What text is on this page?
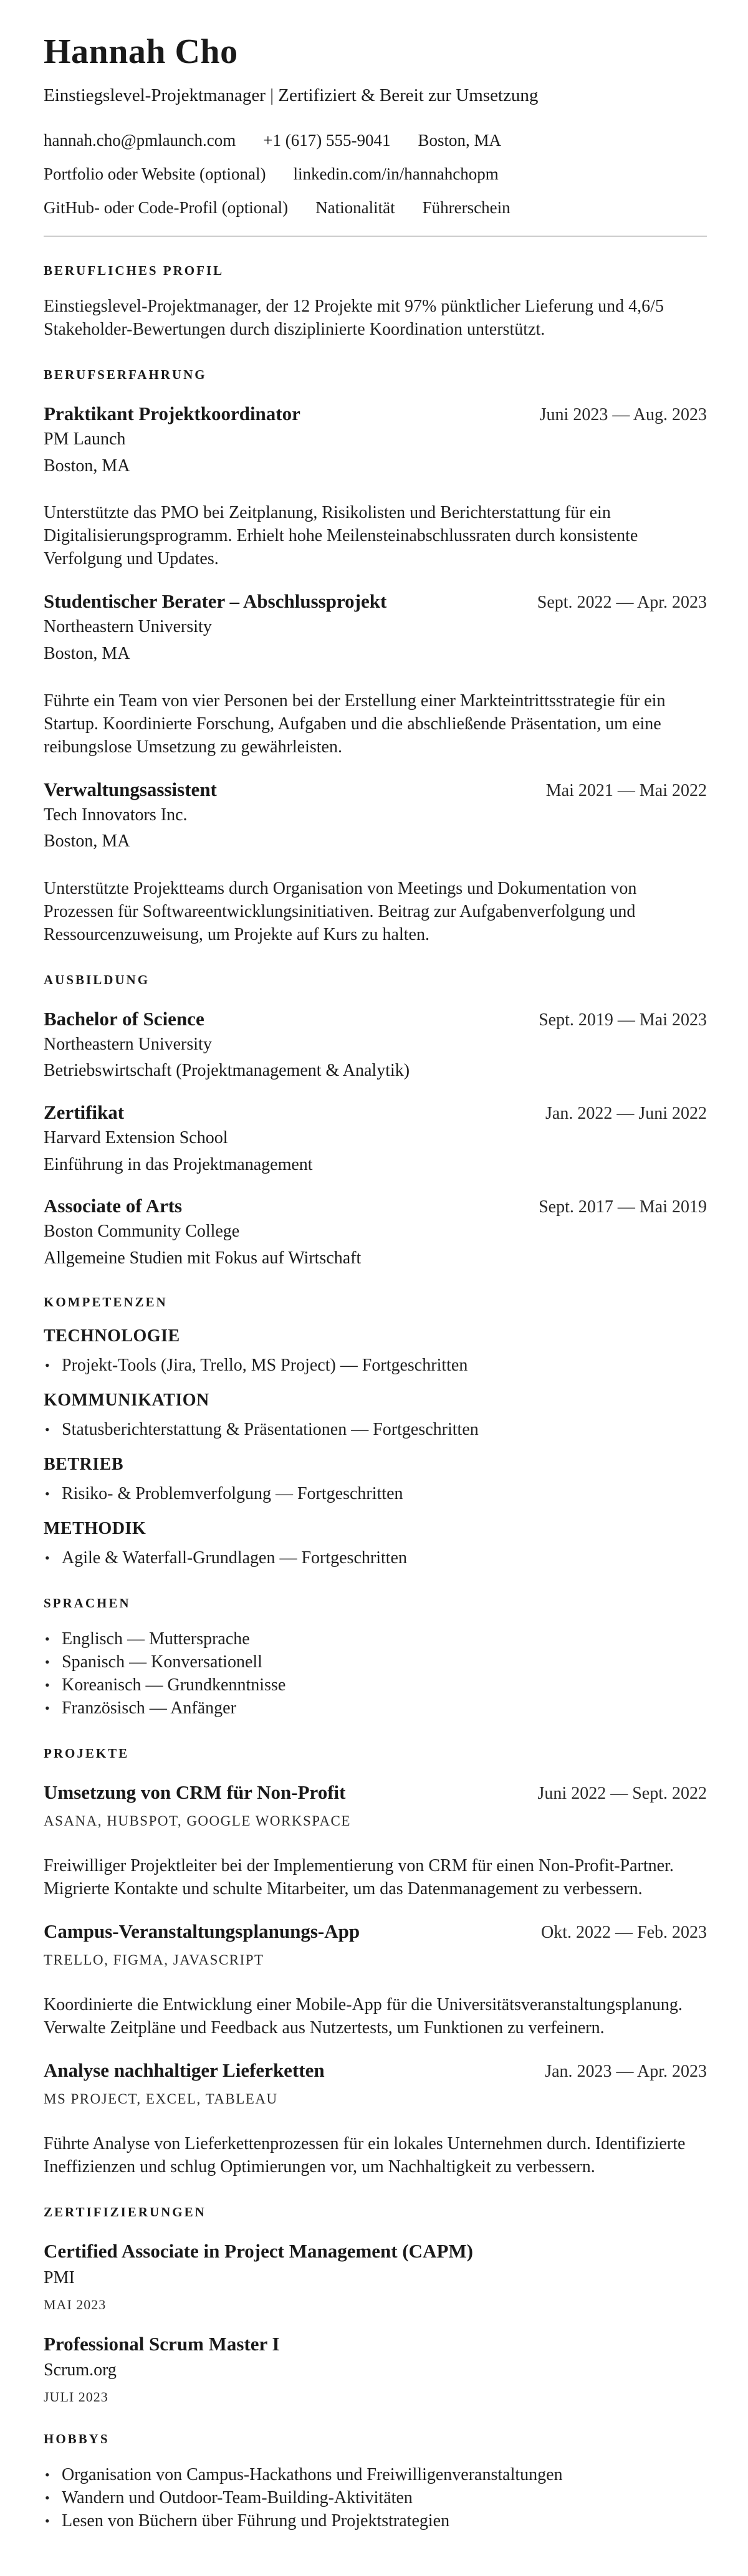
Hannah Cho
Einstiegslevel-Projektmanager | Zertifiziert & Bereit zur Umsetzung
hannah.cho@pmlaunch.com +1 (617) 555-9041 Boston, MA
Portfolio oder Website (optional) linkedin.com/in/hannahchopm
GitHub- oder Code-Profil (optional) Nationalität Führerschein
BERUFLICHES PROFIL

Einstiegslevel-Projektmanager, der 12 Projekte mit 97% pünktlicher Lieferung und 4,6/5 Stakeholder-Bewertungen durch disziplinierte Koordination unterstützt.

BERUFSERFAHRUNG
Praktikant Projektkoordinator	Juni 2023 — Aug. 2023
PM Launch
Boston, MA

Unterstützte das PMO bei Zeitplanung, Risikolisten und Berichterstattung für ein Digitalisierungsprogramm. Erhielt hohe Meilensteinabschlussraten durch konsistente Verfolgung und Updates.

Studentischer Berater – Abschlussprojekt	Sept. 2022 — Apr. 2023
Northeastern University
Boston, MA

Führte ein Team von vier Personen bei der Erstellung einer Markteintrittsstrategie für ein Startup. Koordinierte Forschung, Aufgaben und die abschließende Präsentation, um eine reibungslose Umsetzung zu gewährleisten.

Verwaltungsassistent	Mai 2021 — Mai 2022
Tech Innovators Inc.
Boston, MA

Unterstützte Projektteams durch Organisation von Meetings und Dokumentation von Prozessen für Softwareentwicklungsinitiativen. Beitrag zur Aufgabenverfolgung und Ressourcenzuweisung, um Projekte auf Kurs zu halten.

AUSBILDUNG
Bachelor of Science	Sept. 2019 — Mai 2023
Northeastern University
Betriebswirtschaft (Projektmanagement & Analytik)
Zertifikat	Jan. 2022 — Juni 2022
Harvard Extension School
Einführung in das Projektmanagement
Associate of Arts	Sept. 2017 — Mai 2019
Boston Community College
Allgemeine Studien mit Fokus auf Wirtschaft
KOMPETENZEN
TECHNOLOGIE
• Projekt-Tools (Jira, Trello, MS Project) — Fortgeschritten
KOMMUNIKATION
• Statusberichterstattung & Präsentationen — Fortgeschritten
BETRIEB
• Risiko- & Problemverfolgung — Fortgeschritten
METHODIK
• Agile & Waterfall-Grundlagen — Fortgeschritten
SPRACHEN
• Englisch — Muttersprache
• Spanisch — Konversationell
• Koreanisch — Grundkenntnisse
• Französisch — Anfänger
PROJEKTE
Umsetzung von CRM für Non-Profit	Juni 2022 — Sept. 2022
ASANA, HUBSPOT, GOOGLE WORKSPACE

Freiwilliger Projektleiter bei der Implementierung von CRM für einen Non-Profit-Partner. Migrierte Kontakte und schulte Mitarbeiter, um das Datenmanagement zu verbessern.

Campus-Veranstaltungsplanungs-App	Okt. 2022 — Feb. 2023
TRELLO, FIGMA, JAVASCRIPT

Koordinierte die Entwicklung einer Mobile-App für die Universitätsveranstaltungsplanung. Verwalte Zeitpläne und Feedback aus Nutzertests, um Funktionen zu verfeinern.

Analyse nachhaltiger Lieferketten	Jan. 2023 — Apr. 2023
MS PROJECT, EXCEL, TABLEAU

Führte Analyse von Lieferkettenprozessen für ein lokales Unternehmen durch. Identifizierte Ineffizienzen und schlug Optimierungen vor, um Nachhaltigkeit zu verbessern.

ZERTIFIZIERUNGEN
Certified Associate in Project Management (CAPM)
PMI
MAI 2023
Professional Scrum Master I
Scrum.org
JULI 2023
HOBBYS
• Organisation von Campus-Hackathons und Freiwilligenveranstaltungen
• Wandern und Outdoor-Team-Building-Aktivitäten
• Lesen von Büchern über Führung und Projektstrategien
